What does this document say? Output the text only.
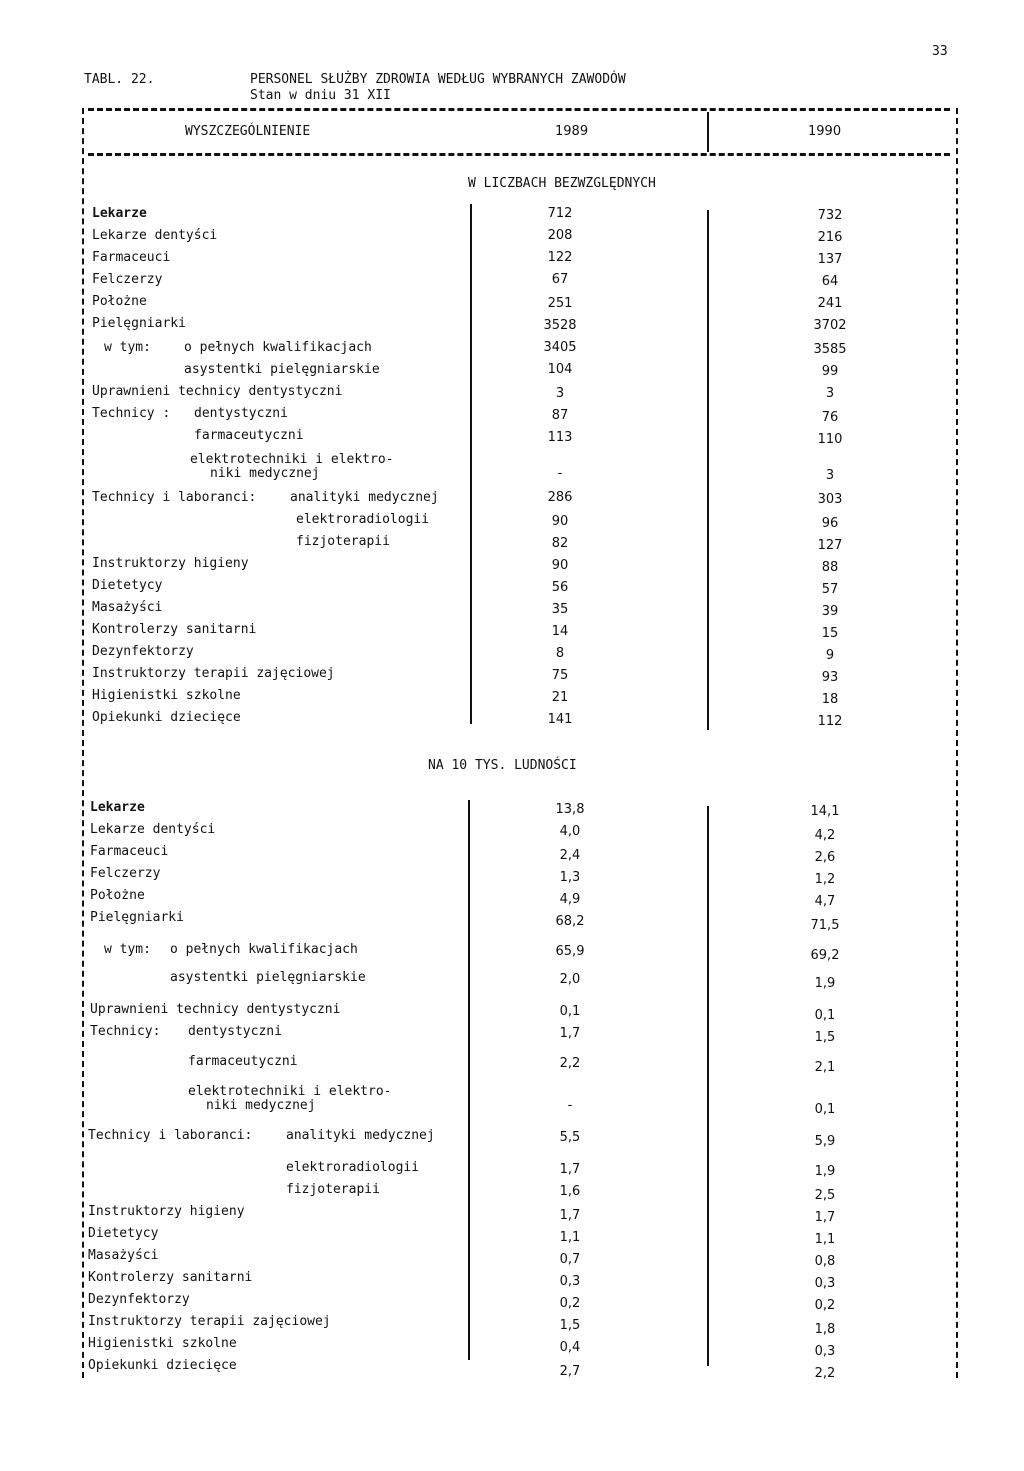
33
TABL. 22.	PERSONEL SŁUŻBY ZDROWIA WEDŁUG WYBRANYCH ZAWODÓW
Stan w dniu 31 XII
WYSZCZEGÓLNIENIE	1989	1990
W LICZBACH BEZWZGLĘDNYCH
Lekarze	712	732
Lekarze dentyści	208	216
Farmaceuci	122	137
Felczerzy	67	64
Położne	251	241
Pielęgniarki	3528	3702
w tym:	o pełnych kwalifikacjach	3405	3585
asystentki pielęgniarskie	104	99
Uprawnieni technicy dentystyczni	3	3
Technicy : dentystyczni	87	76
farmaceutyczni	113	110
elektrotechniki i elektro-
niki medycznej	-	3
Technicy i laboranci:	analityki medycznej	286	303
elektroradiologii	90	96
fizjoterapii	82	127
Instruktorzy higieny	90	88
Dietetycy	56	57
Masażyści	35	39
Kontrolerzy sanitarni	14	15
Dezynfektorzy	8	9
Instruktorzy terapii zajęciowej	75	93
Higienistki szkolne	21	18
Opiekunki dziecięce	141	112
NA 10 TYS. LUDNOŚCI
Lekarze	13,8	14,1
Lekarze dentyści	4,0	4,2
Farmaceuci	2,4	2,6
Felczerzy	1,3	1,2
Położne	4,9	4,7
Pielęgniarki	68,2	71,5
w tym: o pełnych kwalifikacjach	65,9	69,2
asystentki pielęgniarskie	2,0	1,9
Uprawnieni technicy dentystyczni	0,1	0,1
Technicy: dentystyczni	1,7	1,5
farmaceutyczni	2,2	2,1
elektrotechniki i elektro-
niki medycznej	-	0,1
Technicy i laboranci:	analityki medycznej	5,5	5,9
elektroradiologii	1,7	1,9
fizjoterapii	1,6	2,5
Instruktorzy higieny	1,7	1,7
Dietetycy	1,1	1,1
Masażyści	0,7	0,8
Kontrolerzy sanitarni	0,3	0,3
Dezynfektorzy	0,2	0,2
Instruktorzy terapii zajęciowej	1,5	1,8
Higienistki szkolne	0,4	0,3
Opiekunki dziecięce	2,7	2,2
